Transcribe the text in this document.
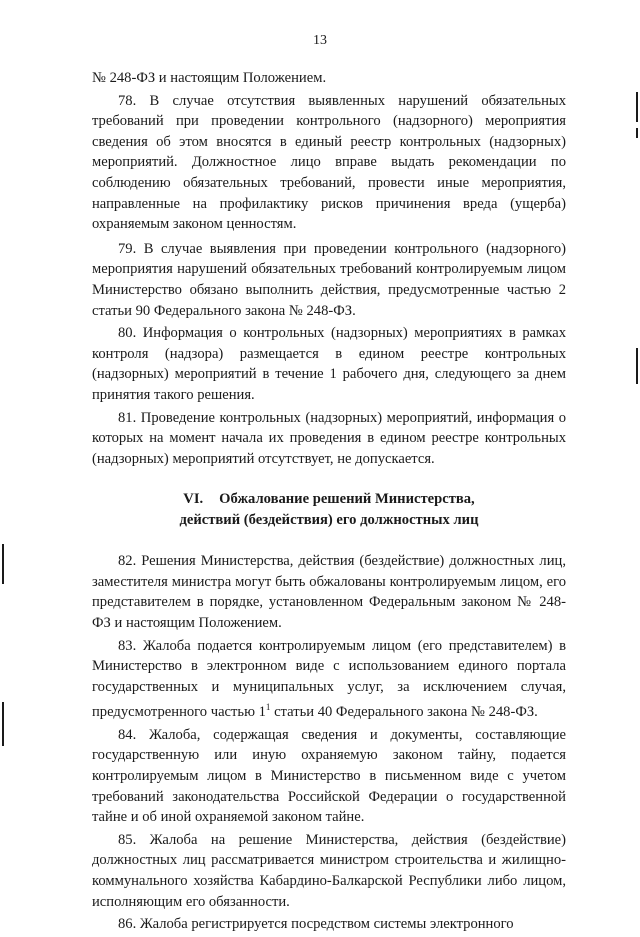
13

№ 248-ФЗ и настоящим Положением.

78. В случае отсутствия выявленных нарушений обязательных требований при проведении контрольного (надзорного) мероприятия сведения об этом вносятся в единый реестр контрольных (надзорных) мероприятий. Должностное лицо вправе выдать рекомендации по соблюдению обязательных требований, провести иные мероприятия, направленные на профилактику рисков причинения вреда (ущерба) охраняемым законом ценностям.

79. В случае выявления при проведении контрольного (надзорного) мероприятия нарушений обязательных требований контролируемым лицом Министерство обязано выполнить действия, предусмотренные частью 2 статьи 90 Федерального закона № 248-ФЗ.

80. Информация о контрольных (надзорных) мероприятиях в рамках контроля (надзора) размещается в едином реестре контрольных (надзорных) мероприятий в течение 1 рабочего дня, следующего за днем принятия такого решения.

81. Проведение контрольных (надзорных) мероприятий, информация о которых на момент начала их проведения в едином реестре контрольных (надзорных) мероприятий отсутствует, не допускается.

VI. Обжалование решений Министерства,
действий (бездействия) его должностных лиц

82. Решения Министерства, действия (бездействие) должностных лиц, заместителя министра могут быть обжалованы контролируемым лицом, его представителем в порядке, установленном Федеральным законом № 248-ФЗ и настоящим Положением.

83. Жалоба подается контролируемым лицом (его представителем) в Министерство в электронном виде с использованием единого портала государственных и муниципальных услуг, за исключением случая, предусмотренного частью $1^1$ статьи 40 Федерального закона № 248-ФЗ.

84. Жалоба, содержащая сведения и документы, составляющие государственную или иную охраняемую законом тайну, подается контролируемым лицом в Министерство в письменном виде с учетом требований законодательства Российской Федерации о государственной тайне и об иной охраняемой законом тайне.

85. Жалоба на решение Министерства, действия (бездействие) должностных лиц рассматривается министром строительства и жилищно-коммунального хозяйства Кабардино-Балкарской Республики либо лицом, исполняющим его обязанности.

86. Жалоба регистрируется посредством системы электронного
